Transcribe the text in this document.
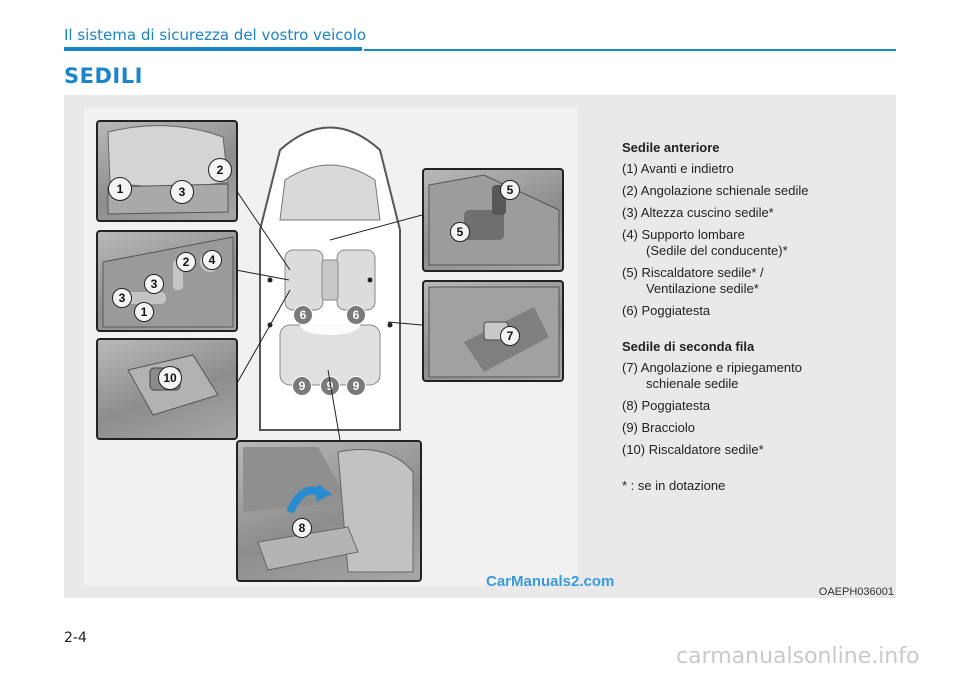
Il sistema di sicurezza del vostro veicolo
SEDILI
6	6
9	9	9
1
2
3
1
2
3
3
4
10
5
5
7
8
Sedile anteriore
(1) Avanti e indietro
(2) Angolazione schienale sedile
(3) Altezza cuscino sedile*
(4) Supporto lombare
(Sedile del conducente)*
(5) Riscaldatore sedile* /
Ventilazione sedile*
(6) Poggiatesta
Sedile di seconda fila
(7) Angolazione e ripiegamento
schienale sedile
(8) Poggiatesta
(9) Bracciolo
(10) Riscaldatore sedile*
* : se in dotazione
CarManuals2.com
OAEPH036001
2-4
carmanualsonline.info
